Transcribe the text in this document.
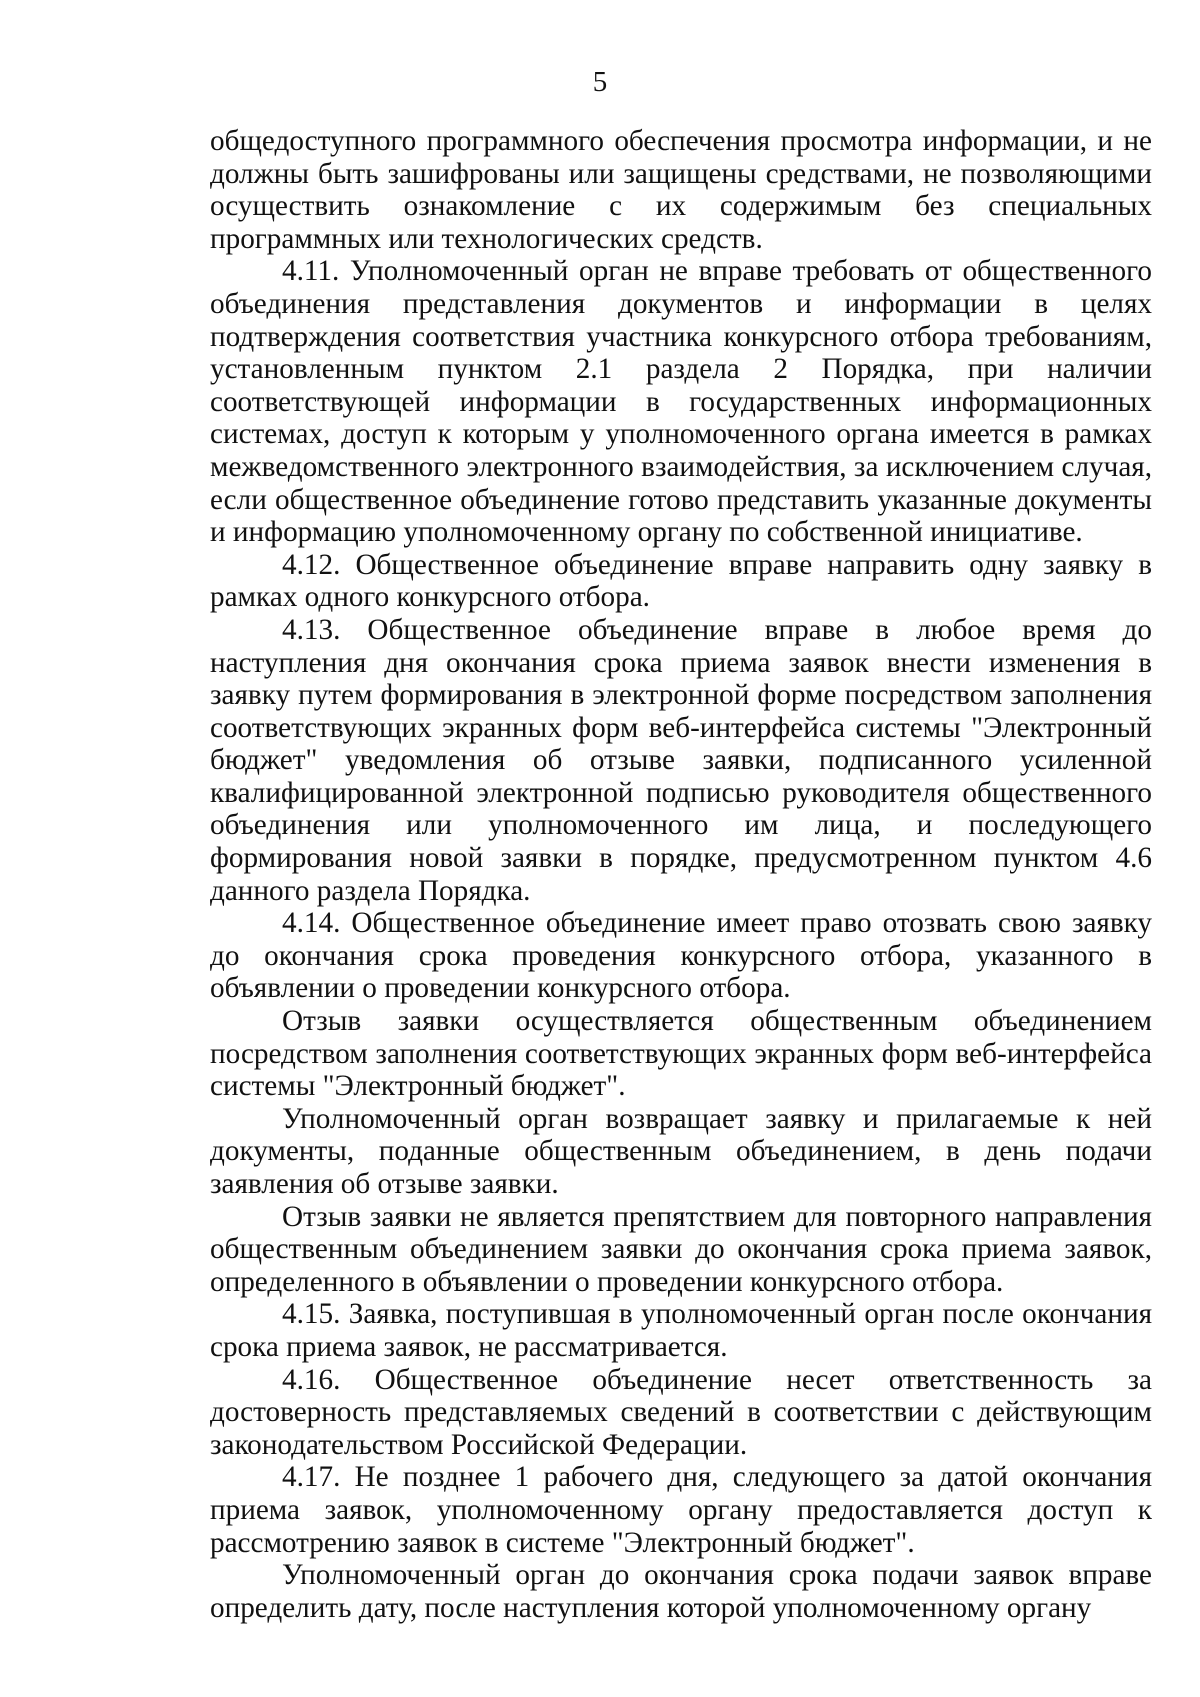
5

общедоступного программного обеспечения просмотра информации, и не должны быть зашифрованы или защищены средствами, не позволяющими осуществить ознакомление с их содержимым без специальных программных или технологических средств.

4.11. Уполномоченный орган не вправе требовать от общественного объединения представления документов и информации в целях подтверждения соответствия участника конкурсного отбора требованиям, установленным пунктом 2.1 раздела 2 Порядка, при наличии соответствующей информации в государственных информационных системах, доступ к которым у уполномоченного органа имеется в рамках межведомственного электронного взаимодействия, за исключением случая, если общественное объединение готово представить указанные документы и информацию уполномоченному органу по собственной инициативе.

4.12. Общественное объединение вправе направить одну заявку в рамках одного конкурсного отбора.

4.13. Общественное объединение вправе в любое время до наступления дня окончания срока приема заявок внести изменения в заявку путем формирования в электронной форме посредством заполнения соответствующих экранных форм веб-интерфейса системы "Электронный бюджет" уведомления об отзыве заявки, подписанного усиленной квалифицированной электронной подписью руководителя общественного объединения или уполномоченного им лица, и последующего формирования новой заявки в порядке, предусмотренном пунктом 4.6 данного раздела Порядка.

4.14. Общественное объединение имеет право отозвать свою заявку до окончания срока проведения конкурсного отбора, указанного в объявлении о проведении конкурсного отбора.

Отзыв заявки осуществляется общественным объединением посредством заполнения соответствующих экранных форм веб-интерфейса системы "Электронный бюджет".

Уполномоченный орган возвращает заявку и прилагаемые к ней документы, поданные общественным объединением, в день подачи заявления об отзыве заявки.

Отзыв заявки не является препятствием для повторного направления общественным объединением заявки до окончания срока приема заявок, определенного в объявлении о проведении конкурсного отбора.

4.15. Заявка, поступившая в уполномоченный орган после окончания срока приема заявок, не рассматривается.

4.16. Общественное объединение несет ответственность за достоверность представляемых сведений в соответствии с действующим законодательством Российской Федерации.

4.17. Не позднее 1 рабочего дня, следующего за датой окончания приема заявок, уполномоченному органу предоставляется доступ к рассмотрению заявок в системе "Электронный бюджет".

Уполномоченный орган до окончания срока подачи заявок вправе определить дату, после наступления которой уполномоченному органу
